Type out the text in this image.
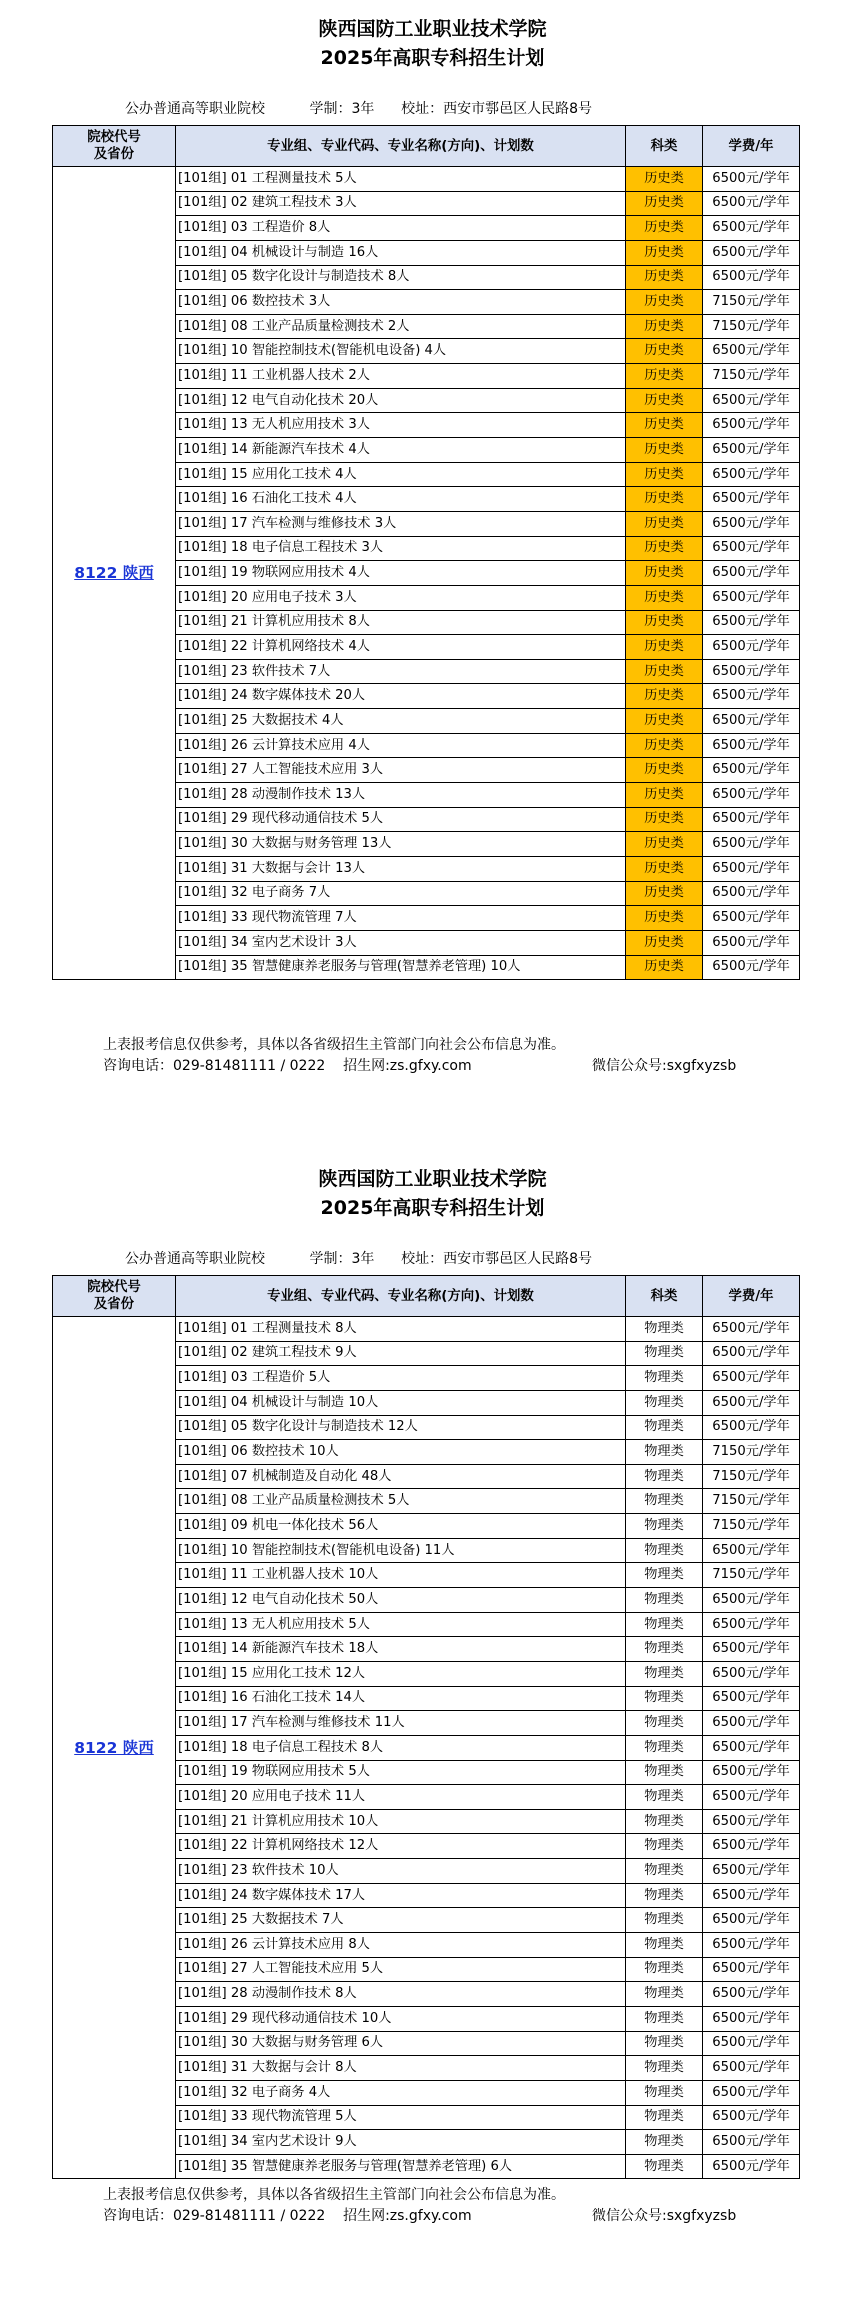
陕西国防工业职业技术学院
2025年高职专科招生计划
公办普通高等职业院校          学制：3年      校址：西安市鄠邑区人民路8号
院校代号
及省份	专业组、专业代码、专业名称(方向)、计划数	科类	学费/年
8122 陕西	[101组] 01 工程测量技术 5人	历史类	6500元/学年
	[101组] 02 建筑工程技术 3人	历史类	6500元/学年
	[101组] 03 工程造价 8人	历史类	6500元/学年
	[101组] 04 机械设计与制造 16人	历史类	6500元/学年
	[101组] 05 数字化设计与制造技术 8人	历史类	6500元/学年
	[101组] 06 数控技术 3人	历史类	7150元/学年
	[101组] 08 工业产品质量检测技术 2人	历史类	7150元/学年
	[101组] 10 智能控制技术(智能机电设备) 4人	历史类	6500元/学年
	[101组] 11 工业机器人技术 2人	历史类	7150元/学年
	[101组] 12 电气自动化技术 20人	历史类	6500元/学年
	[101组] 13 无人机应用技术 3人	历史类	6500元/学年
	[101组] 14 新能源汽车技术 4人	历史类	6500元/学年
	[101组] 15 应用化工技术 4人	历史类	6500元/学年
	[101组] 16 石油化工技术 4人	历史类	6500元/学年
	[101组] 17 汽车检测与维修技术 3人	历史类	6500元/学年
	[101组] 18 电子信息工程技术 3人	历史类	6500元/学年
	[101组] 19 物联网应用技术 4人	历史类	6500元/学年
	[101组] 20 应用电子技术 3人	历史类	6500元/学年
	[101组] 21 计算机应用技术 8人	历史类	6500元/学年
	[101组] 22 计算机网络技术 4人	历史类	6500元/学年
	[101组] 23 软件技术 7人	历史类	6500元/学年
	[101组] 24 数字媒体技术 20人	历史类	6500元/学年
	[101组] 25 大数据技术 4人	历史类	6500元/学年
	[101组] 26 云计算技术应用 4人	历史类	6500元/学年
	[101组] 27 人工智能技术应用 3人	历史类	6500元/学年
	[101组] 28 动漫制作技术 13人	历史类	6500元/学年
	[101组] 29 现代移动通信技术 5人	历史类	6500元/学年
	[101组] 30 大数据与财务管理 13人	历史类	6500元/学年
	[101组] 31 大数据与会计 13人	历史类	6500元/学年
	[101组] 32 电子商务 7人	历史类	6500元/学年
	[101组] 33 现代物流管理 7人	历史类	6500元/学年
	[101组] 34 室内艺术设计 3人	历史类	6500元/学年
	[101组] 35 智慧健康养老服务与管理(智慧养老管理) 10人	历史类	6500元/学年
上表报考信息仅供参考，具体以各省级招生主管部门向社会公布信息为准。
咨询电话：029-81481111 / 0222    招生网:zs.gfxy.com	微信公众号:sxgfxyzsb
陕西国防工业职业技术学院
2025年高职专科招生计划
公办普通高等职业院校          学制：3年      校址：西安市鄠邑区人民路8号
院校代号
及省份	专业组、专业代码、专业名称(方向)、计划数	科类	学费/年
8122 陕西	[101组] 01 工程测量技术 8人	物理类	6500元/学年
	[101组] 02 建筑工程技术 9人	物理类	6500元/学年
	[101组] 03 工程造价 5人	物理类	6500元/学年
	[101组] 04 机械设计与制造 10人	物理类	6500元/学年
	[101组] 05 数字化设计与制造技术 12人	物理类	6500元/学年
	[101组] 06 数控技术 10人	物理类	7150元/学年
	[101组] 07 机械制造及自动化 48人	物理类	7150元/学年
	[101组] 08 工业产品质量检测技术 5人	物理类	7150元/学年
	[101组] 09 机电一体化技术 56人	物理类	7150元/学年
	[101组] 10 智能控制技术(智能机电设备) 11人	物理类	6500元/学年
	[101组] 11 工业机器人技术 10人	物理类	7150元/学年
	[101组] 12 电气自动化技术 50人	物理类	6500元/学年
	[101组] 13 无人机应用技术 5人	物理类	6500元/学年
	[101组] 14 新能源汽车技术 18人	物理类	6500元/学年
	[101组] 15 应用化工技术 12人	物理类	6500元/学年
	[101组] 16 石油化工技术 14人	物理类	6500元/学年
	[101组] 17 汽车检测与维修技术 11人	物理类	6500元/学年
	[101组] 18 电子信息工程技术 8人	物理类	6500元/学年
	[101组] 19 物联网应用技术 5人	物理类	6500元/学年
	[101组] 20 应用电子技术 11人	物理类	6500元/学年
	[101组] 21 计算机应用技术 10人	物理类	6500元/学年
	[101组] 22 计算机网络技术 12人	物理类	6500元/学年
	[101组] 23 软件技术 10人	物理类	6500元/学年
	[101组] 24 数字媒体技术 17人	物理类	6500元/学年
	[101组] 25 大数据技术 7人	物理类	6500元/学年
	[101组] 26 云计算技术应用 8人	物理类	6500元/学年
	[101组] 27 人工智能技术应用 5人	物理类	6500元/学年
	[101组] 28 动漫制作技术 8人	物理类	6500元/学年
	[101组] 29 现代移动通信技术 10人	物理类	6500元/学年
	[101组] 30 大数据与财务管理 6人	物理类	6500元/学年
	[101组] 31 大数据与会计 8人	物理类	6500元/学年
	[101组] 32 电子商务 4人	物理类	6500元/学年
	[101组] 33 现代物流管理 5人	物理类	6500元/学年
	[101组] 34 室内艺术设计 9人	物理类	6500元/学年
	[101组] 35 智慧健康养老服务与管理(智慧养老管理) 6人	物理类	6500元/学年
上表报考信息仅供参考，具体以各省级招生主管部门向社会公布信息为准。
咨询电话：029-81481111 / 0222    招生网:zs.gfxy.com	微信公众号:sxgfxyzsb
